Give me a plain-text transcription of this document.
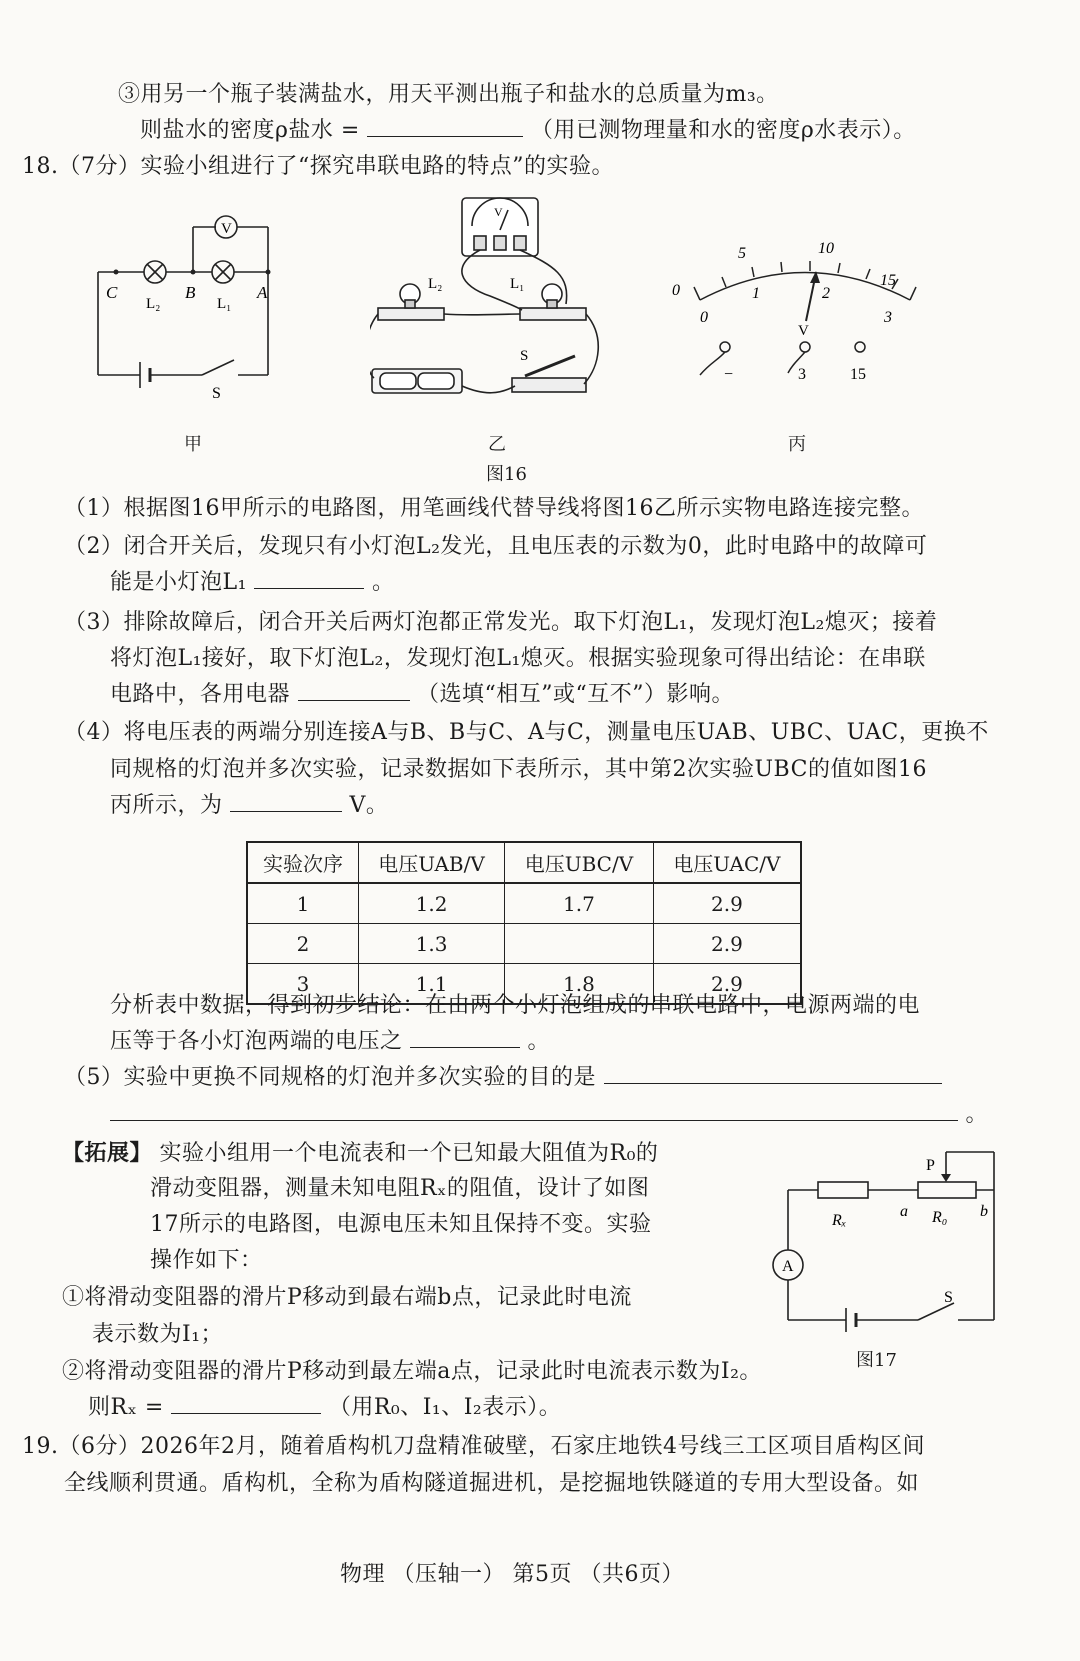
③用另一个瓶子装满盐水，用天平测出瓶子和盐水的总质量为m₃。
则盐水的密度ρ盐水 =	（用已测物理量和水的密度ρ水表示）。
18.（7分）实验小组进行了“探究串联电路的特点”的实验。
V
C	B	A
L₂	L₁
S
甲
V
L₂	L₁
S
乙
图16
0
5	10
15
0
1	2
3
V
−	3	15
丙
（1）根据图16甲所示的电路图，用笔画线代替导线将图16乙所示实物电路连接完整。
（2）闭合开关后，发现只有小灯泡L₂发光，且电压表的示数为0，此时电路中的故障可
能是小灯泡L₁	。
（3）排除故障后，闭合开关后两灯泡都正常发光。取下灯泡L₁，发现灯泡L₂熄灭；接着
将灯泡L₁接好，取下灯泡L₂，发现灯泡L₁熄灭。根据实验现象可得出结论：在串联
电路中，各用电器	（选填“相互”或“互不”）影响。
（4）将电压表的两端分别连接A与B、B与C、A与C，测量电压UAB、UBC、UAC，更换不
同规格的灯泡并多次实验，记录数据如下表所示，其中第2次实验UBC的值如图16
丙所示，为	V。
实验次序	电压UAB/V	电压UBC/V	电压UAC/V
1	1.2	1.7	2.9
2	1.3		2.9
3	1.1	1.8	2.9
分析表中数据，得到初步结论：在由两个小灯泡组成的串联电路中，电源两端的电
压等于各小灯泡两端的电压之	。
（5）实验中更换不同规格的灯泡并多次实验的目的是
。
【拓展】 实验小组用一个电流表和一个已知最大阻值为R₀的
滑动变阻器，测量未知电阻Rₓ的阻值，设计了如图
17所示的电路图，电源电压未知且保持不变。实验
操作如下：
①将滑动变阻器的滑片P移动到最右端b点，记录此时电流
表示数为I₁；
②将滑动变阻器的滑片P移动到最左端a点，记录此时电流表示数为I₂。
则Rₓ =	（用R₀、I₁、I₂表示）。
P
Rₓ
a R₀ b
A
S
图17
19.（6分）2026年2月，随着盾构机刀盘精准破壁，石家庄地铁4号线三工区项目盾构区间
全线顺利贯通。盾构机，全称为盾构隧道掘进机，是挖掘地铁隧道的专用大型设备。如
物理 （压轴一） 第5页 （共6页）
